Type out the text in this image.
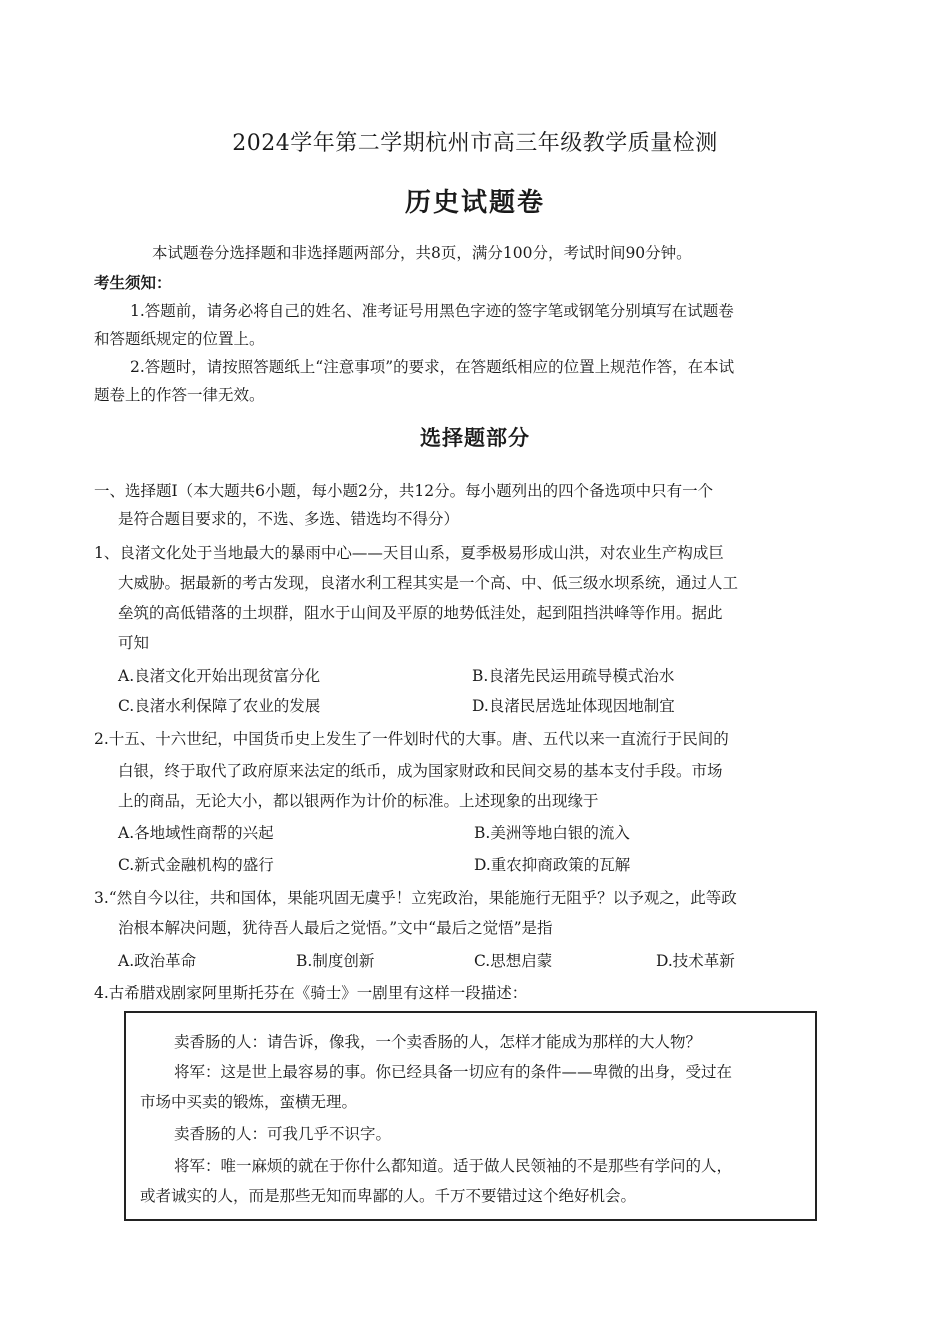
2024学年第二学期杭州市高三年级教学质量检测
历史试题卷
本试题卷分选择题和非选择题两部分，共8页，满分100分，考试时间90分钟。
考生须知：
1.答题前，请务必将自己的姓名、准考证号用黑色字迹的签字笔或钢笔分别填写在试题卷
和答题纸规定的位置上。
2.答题时，请按照答题纸上“注意事项”的要求，在答题纸相应的位置上规范作答，在本试
题卷上的作答一律无效。
选择题部分
一、选择题Ⅰ（本大题共6小题，每小题2分，共12分。每小题列出的四个备选项中只有一个
是符合题目要求的，不选、多选、错选均不得分）
1、良渚文化处于当地最大的暴雨中心——天目山系，夏季极易形成山洪，对农业生产构成巨
大威胁。据最新的考古发现，良渚水利工程其实是一个高、中、低三级水坝系统，通过人工
垒筑的高低错落的土坝群，阻水于山间及平原的地势低洼处，起到阻挡洪峰等作用。据此
可知
A.良渚文化开始出现贫富分化	B.良渚先民运用疏导模式治水
C.良渚水利保障了农业的发展	D.良渚民居选址体现因地制宜
2.十五、十六世纪，中国货币史上发生了一件划时代的大事。唐、五代以来一直流行于民间的
白银，终于取代了政府原来法定的纸币，成为国家财政和民间交易的基本支付手段。市场
上的商品，无论大小，都以银两作为计价的标准。上述现象的出现缘于
A.各地域性商帮的兴起	B.美洲等地白银的流入
C.新式金融机构的盛行	D.重农抑商政策的瓦解
3.“然自今以往，共和国体，果能巩固无虞乎！立宪政治，果能施行无阻乎？以予观之，此等政
治根本解决问题，犹待吾人最后之觉悟。”文中“最后之觉悟”是指
A.政治革命	B.制度创新	C.思想启蒙	D.技术革新
4.古希腊戏剧家阿里斯托芬在《骑士》一剧里有这样一段描述：
卖香肠的人：请告诉，像我，一个卖香肠的人，怎样才能成为那样的大人物？
将军：这是世上最容易的事。你已经具备一切应有的条件——卑微的出身，受过在
市场中买卖的锻炼，蛮横无理。
卖香肠的人：可我几乎不识字。
将军：唯一麻烦的就在于你什么都知道。适于做人民领袖的不是那些有学问的人，
或者诚实的人，而是那些无知而卑鄙的人。千万不要错过这个绝好机会。
